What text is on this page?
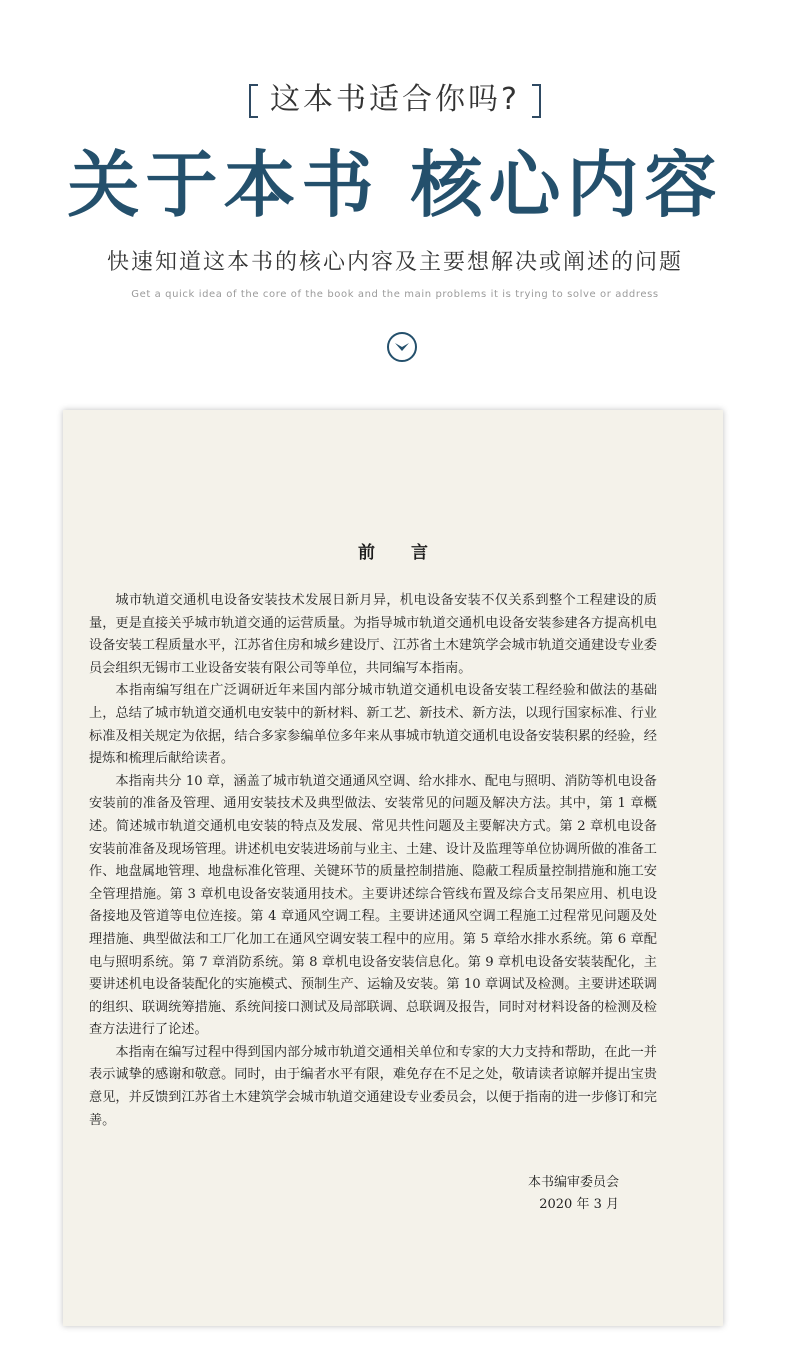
这本书适合你吗?
关于本书 核心内容
快速知道这本书的核心内容及主要想解决或阐述的问题
Get a quick idea of the core of the book and the main problems it is trying to solve or address
前言

城市轨道交通机电设备安装技术发展日新月异，机电设备安装不仅关系到整个工程建设的质量，更是直接关乎城市轨道交通的运营质量。为指导城市轨道交通机电设备安装参建各方提高机电设备安装工程质量水平，江苏省住房和城乡建设厅、江苏省土木建筑学会城市轨道交通建设专业委员会组织无锡市工业设备安装有限公司等单位，共同编写本指南。

本指南编写组在广泛调研近年来国内部分城市轨道交通机电设备安装工程经验和做法的基础上，总结了城市轨道交通机电安装中的新材料、新工艺、新技术、新方法，以现行国家标准、行业标准及相关规定为依据，结合多家参编单位多年来从事城市轨道交通机电设备安装积累的经验，经提炼和梳理后献给读者。

本指南共分 10 章，涵盖了城市轨道交通通风空调、给水排水、配电与照明、消防等机电设备安装前的准备及管理、通用安装技术及典型做法、安装常见的问题及解决方法。其中，第 1 章概述。简述城市轨道交通机电安装的特点及发展、常见共性问题及主要解决方式。第 2 章机电设备安装前准备及现场管理。讲述机电安装进场前与业主、土建、设计及监理等单位协调所做的准备工作、地盘属地管理、地盘标准化管理、关键环节的质量控制措施、隐蔽工程质量控制措施和施工安全管理措施。第 3 章机电设备安装通用技术。主要讲述综合管线布置及综合支吊架应用、机电设备接地及管道等电位连接。第 4 章通风空调工程。主要讲述通风空调工程施工过程常见问题及处理措施、典型做法和工厂化加工在通风空调安装工程中的应用。第 5 章给水排水系统。第 6 章配电与照明系统。第 7 章消防系统。第 8 章机电设备安装信息化。第 9 章机电设备安装装配化，主要讲述机电设备装配化的实施模式、预制生产、运输及安装。第 10 章调试及检测。主要讲述联调的组织、联调统筹措施、系统间接口测试及局部联调、总联调及报告，同时对材料设备的检测及检查方法进行了论述。

本指南在编写过程中得到国内部分城市轨道交通相关单位和专家的大力支持和帮助，在此一并表示诚挚的感谢和敬意。同时，由于编者水平有限，难免存在不足之处，敬请读者谅解并提出宝贵意见，并反馈到江苏省土木建筑学会城市轨道交通建设专业委员会，以便于指南的进一步修订和完善。

本书编审委员会
2020 年 3 月
